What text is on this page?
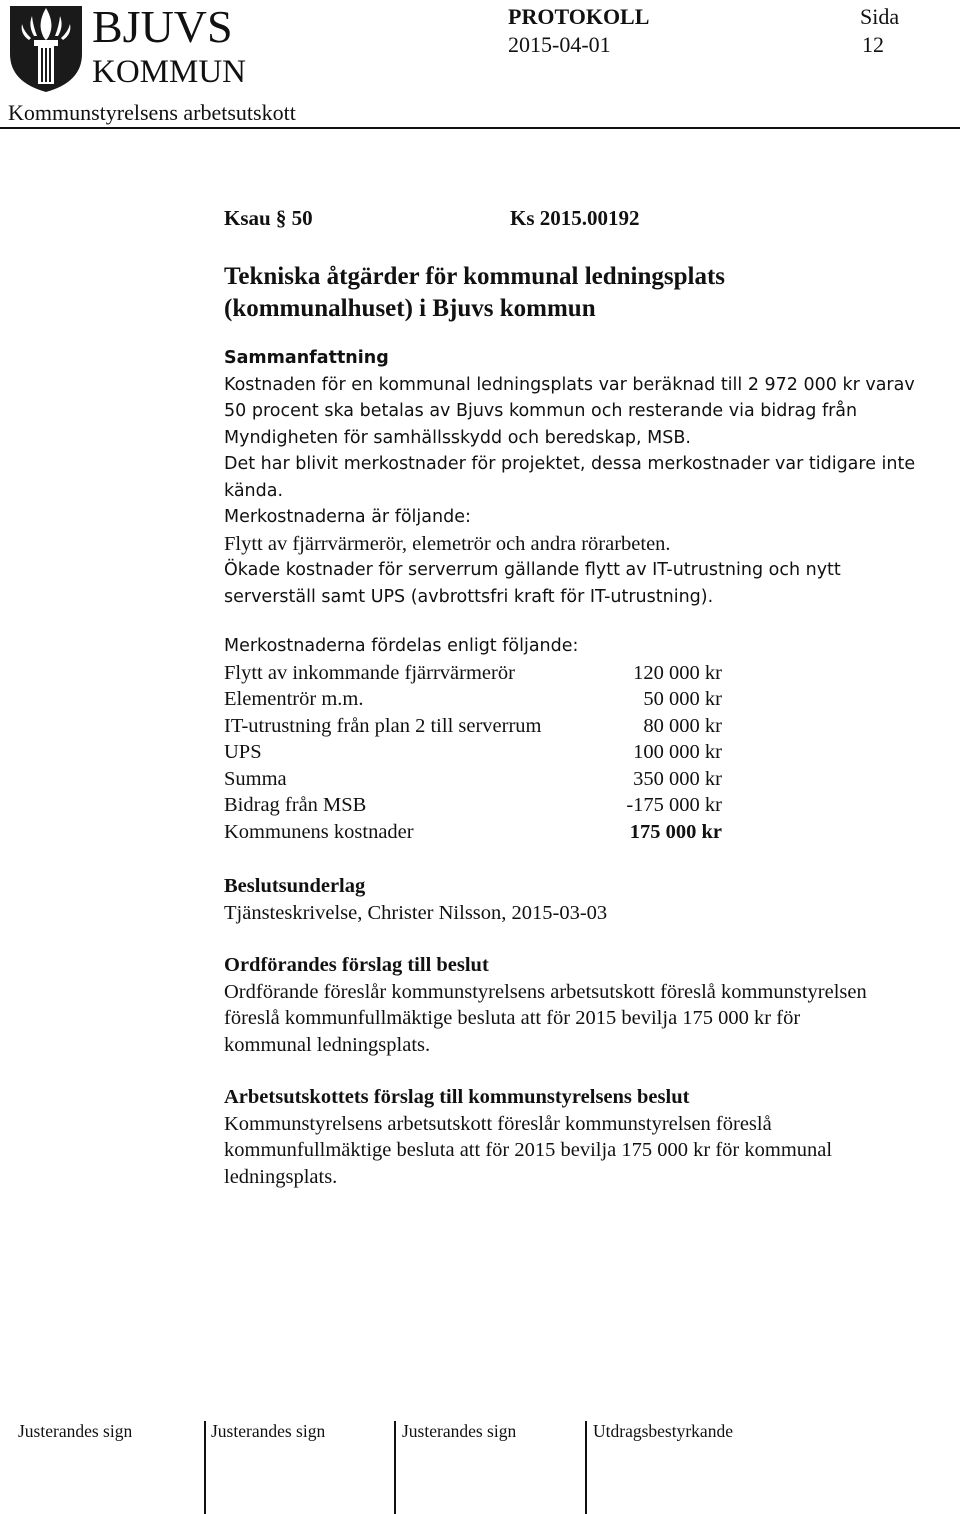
BJUVS
KOMMUN
PROTOKOLL
2015-04-01
Sida
12
Kommunstyrelsens arbetsutskott
Ksau § 50	Ks 2015.00192
Tekniska åtgärder för kommunal ledningsplats
(kommunalhuset) i Bjuvs kommun
Sammanfattning
Kostnaden för en kommunal ledningsplats var beräknad till 2 972 000 kr varav
50 procent ska betalas av Bjuvs kommun och resterande via bidrag från
Myndigheten för samhällsskydd och beredskap, MSB.
Det har blivit merkostnader för projektet, dessa merkostnader var tidigare inte
kända.
Merkostnaderna är följande:
Flytt av fjärrvärmerör, elemetrör och andra rörarbeten.
Ökade kostnader för serverrum gällande flytt av IT-utrustning och nytt
serverställ samt UPS (avbrottsfri kraft för IT-utrustning).
Merkostnaderna fördelas enligt följande:
Flytt av inkommande fjärrvärmerör	120 000 kr
Elementrör m.m.	50 000 kr
IT-utrustning från plan 2 till serverrum	80 000 kr
UPS	100 000 kr
Summa	350 000 kr
Bidrag från MSB	-175 000 kr
Kommunens kostnader	175 000 kr
Beslutsunderlag
Tjänsteskrivelse, Christer Nilsson, 2015-03-03
Ordförandes förslag till beslut
Ordförande föreslår kommunstyrelsens arbetsutskott föreslå kommunstyrelsen
föreslå kommunfullmäktige besluta att för 2015 bevilja 175 000 kr för
kommunal ledningsplats.
Arbetsutskottets förslag till kommunstyrelsens beslut
Kommunstyrelsens arbetsutskott föreslår kommunstyrelsen föreslå
kommunfullmäktige besluta att för 2015 bevilja 175 000 kr för kommunal
ledningsplats.
Justerandes sign	Justerandes sign	Justerandes sign	Utdragsbestyrkande
